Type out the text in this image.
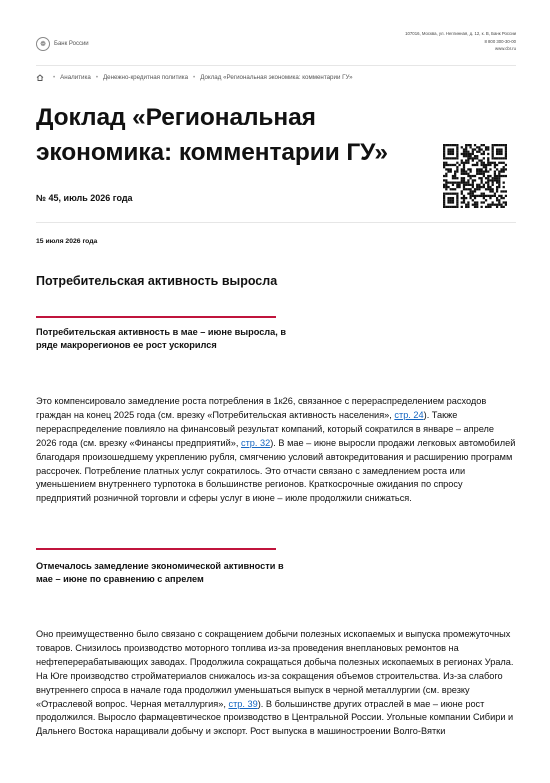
❁	Банк России
107016, Москва, ул. Неглинная, д. 12, к. В, Банк России
8 800 300-30-00
www.cbr.ru
• Аналитика • Денежно-кредитная политика • Доклад «Региональная экономика: комментарии ГУ»
Доклад «Региональная экономика: комментарии ГУ»
№ 45, июль 2026 года
15 июля 2026 года
Потребительская активность выросла
Потребительская активность в мае – июне выросла, в ряде макрорегионов ее рост ускорился
Это компенсировало замедление роста потребления в 1к26, связанное с перераспределением расходов граждан на конец 2025 года (см. врезку «Потребительская активность населения», стр. 24). Также перераспределение повлияло на финансовый результат компаний, который сократился в январе – апреле 2026 года (см. врезку «Финансы предприятий», стр. 32). В мае – июне выросли продажи легковых автомобилей благодаря произошедшему укреплению рубля, смягчению условий автокредитования и расширению программ рассрочек. Потребление платных услуг сократилось. Это отчасти связано с замедлением роста или уменьшением внутреннего турпотока в большинстве регионов. Краткосрочные ожидания по спросу предприятий розничной торговли и сферы услуг в июне – июле продолжили снижаться.
Отмечалось замедление экономической активности в мае – июне по сравнению с апрелем
Оно преимущественно было связано с сокращением добычи полезных ископаемых и выпуска промежуточных товаров. Снизилось производство моторного топлива из-за проведения внеплановых ремонтов на нефтеперерабатывающих заводах. Продолжила сокращаться добыча полезных ископаемых в регионах Урала. На Юге производство стройматериалов снижалось из-за сокращения объемов строительства. Из-за слабого внутреннего спроса в начале года продолжил уменьшаться выпуск в черной металлургии (см. врезку «Отраслевой вопрос. Черная металлургия», стр. 39). В большинстве других отраслей в мае – июне рост продолжился. Выросло фармацевтическое производство в Центральной России. Угольные компании Сибири и Дальнего Востока наращивали добычу и экспорт. Рост выпуска в машиностроении Волго-Вятки
